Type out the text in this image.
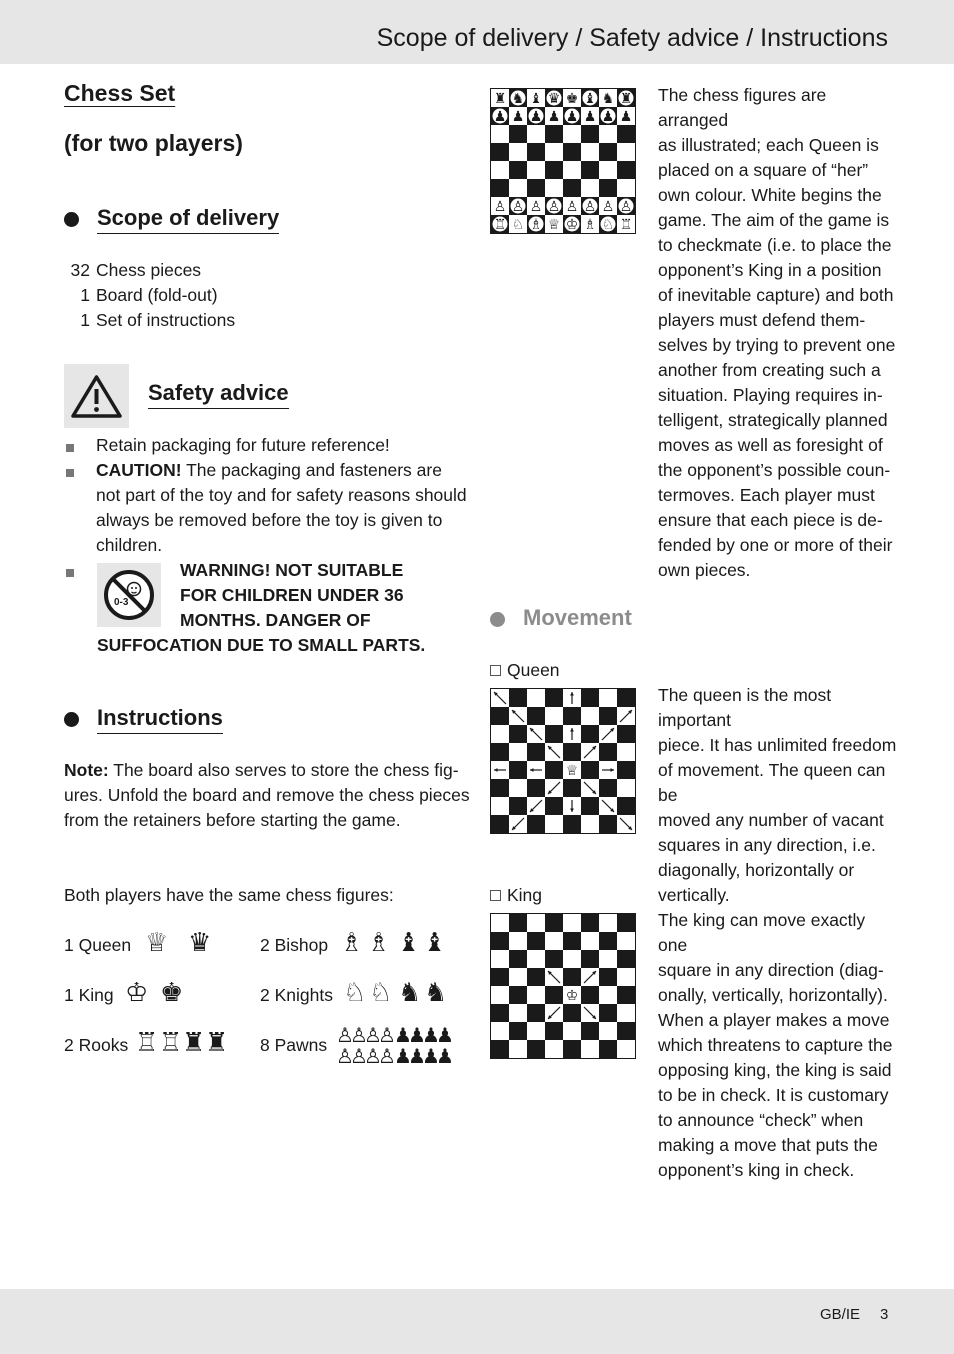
Scope of delivery / Safety advice / Instructions
GB/IE 3
Chess Set
(for two players)
Scope of delivery
32 Chess pieces
1 Board (fold-out)
1 Set of instructions
Safety advice
Retain packaging for future reference!
CAUTION! The packaging and fasteners are
not part of the toy and for safety reasons should
always be removed before the toy is given to
children.
0-3
WARNING! NOT SUITABLE
FOR CHILDREN UNDER 36
MONTHS. DANGER OF
SUFFOCATION DUE TO SMALL PARTS.
Instructions
Note: The board also serves to store the chess fig-
ures. Unfold the board and remove the chess pieces
from the retainers before starting the game.
Both players have the same chess figures:
1 Queen ♕ ♛
1 King ♔ ♚
2 Rooks ♖ ♖ ♜ ♜
2 Bishop ♗ ♗ ♝ ♝
2 Knights ♘ ♘ ♞ ♞
8 Pawns ♙ ♟
♙ ♟
♙ ♟
♙ ♟
♙ ♟
♙ ♟
♙ ♟
♙ ♟
♜
♟
♙
♖
♞
♟
♙
♘
♝
♟
♙
♗
♛
♟
♙
♕
♚
♟
♙
♔
♝
♟
♙
♗
♞
♟
♙
♘
♜
♟
♙
♖
The chess figures are arranged
as illustrated; each Queen is
placed on a square of “her”
own colour. White begins the
game. The aim of the game is
to checkmate (i.e. to place the
opponent’s King in a position
of inevitable capture) and both
players must defend them-
selves by trying to prevent one
another from creating such a
situation. Playing requires in-
telligent, strategically planned
moves as well as foresight of
the opponent’s possible coun-
termoves. Each player must
ensure that each piece is de-
fended by one or more of their
own pieces.
Movement
Queen
♕
The queen is the most important
piece. It has unlimited freedom
of movement. The queen can be
moved any number of vacant
squares in any direction, i.e.
diagonally, horizontally or
vertically.
King
♔
The king can move exactly one
square in any direction (diag-
onally, vertically, horizontally).
When a player makes a move
which threatens to capture the
opposing king, the king is said
to be in check. It is customary
to announce “check” when
making a move that puts the
opponent’s king in check.
